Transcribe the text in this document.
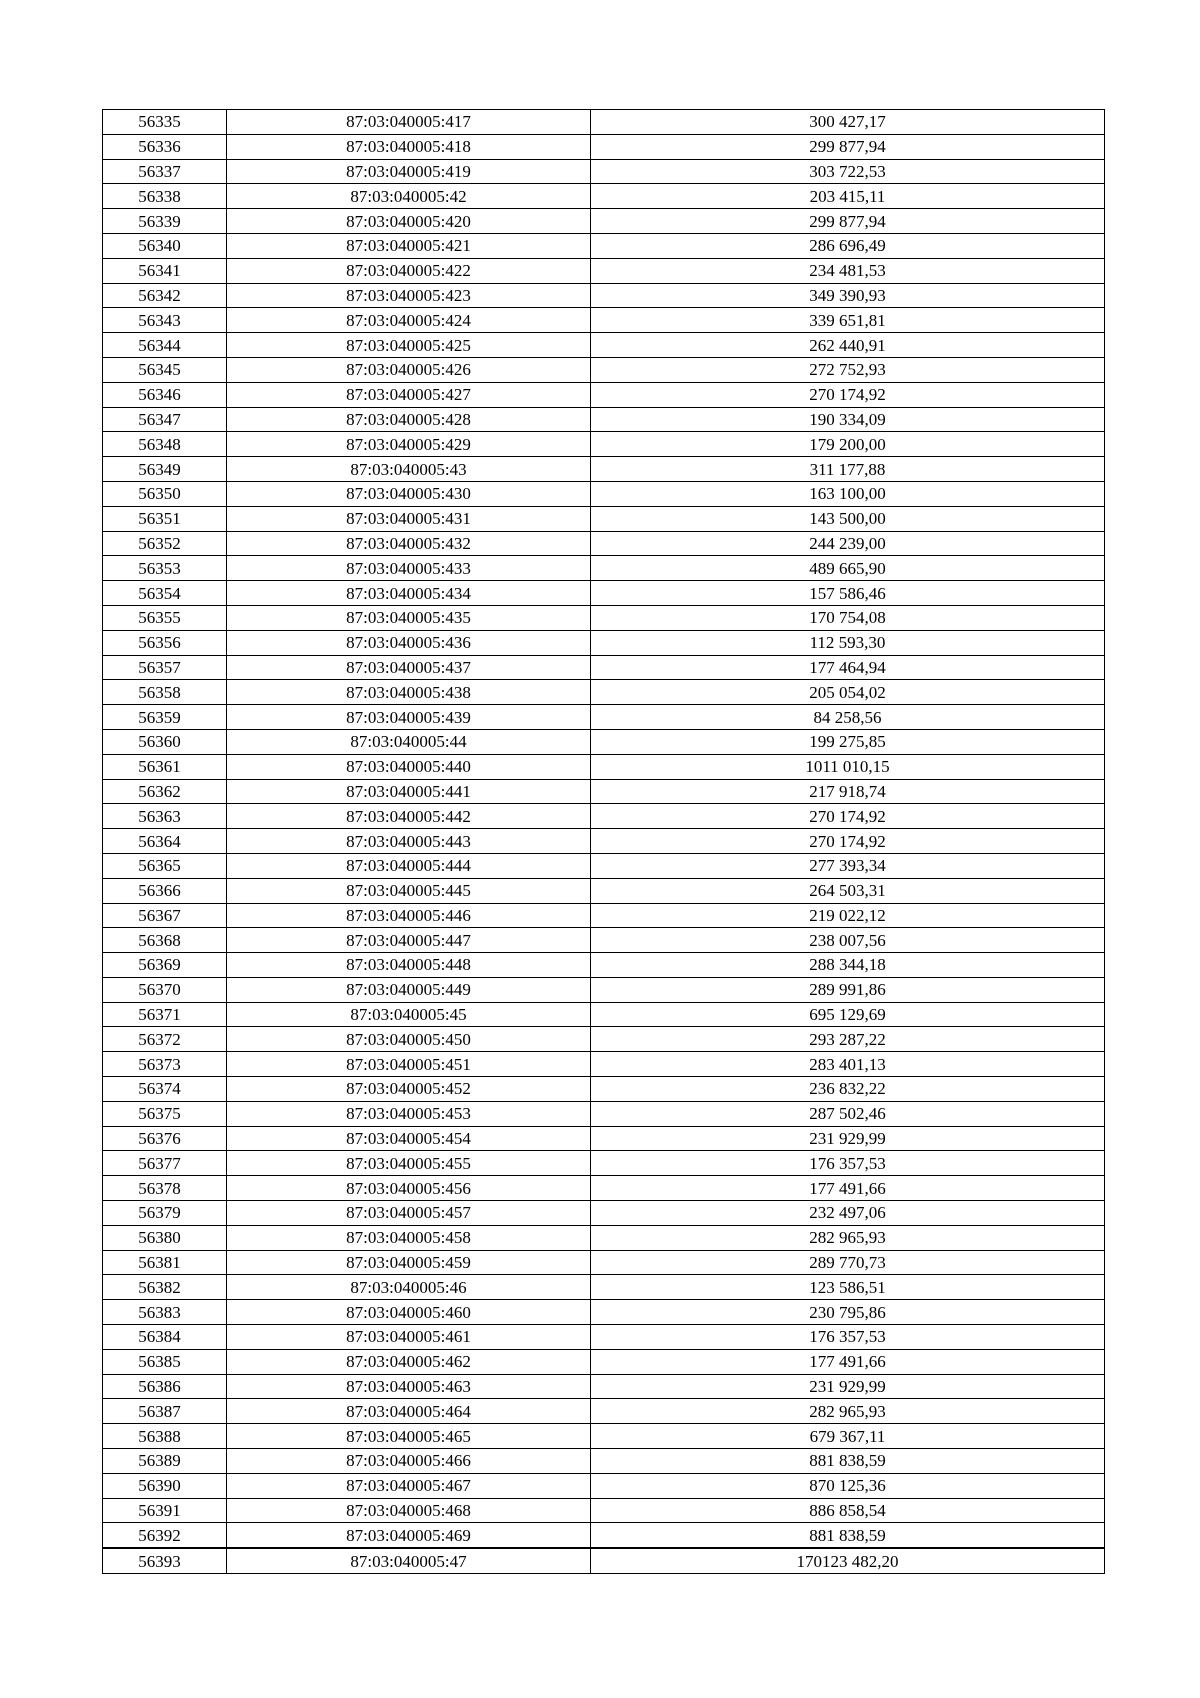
56335	87:03:040005:417	300 427,17
56336	87:03:040005:418	299 877,94
56337	87:03:040005:419	303 722,53
56338	87:03:040005:42	203 415,11
56339	87:03:040005:420	299 877,94
56340	87:03:040005:421	286 696,49
56341	87:03:040005:422	234 481,53
56342	87:03:040005:423	349 390,93
56343	87:03:040005:424	339 651,81
56344	87:03:040005:425	262 440,91
56345	87:03:040005:426	272 752,93
56346	87:03:040005:427	270 174,92
56347	87:03:040005:428	190 334,09
56348	87:03:040005:429	179 200,00
56349	87:03:040005:43	311 177,88
56350	87:03:040005:430	163 100,00
56351	87:03:040005:431	143 500,00
56352	87:03:040005:432	244 239,00
56353	87:03:040005:433	489 665,90
56354	87:03:040005:434	157 586,46
56355	87:03:040005:435	170 754,08
56356	87:03:040005:436	112 593,30
56357	87:03:040005:437	177 464,94
56358	87:03:040005:438	205 054,02
56359	87:03:040005:439	84 258,56
56360	87:03:040005:44	199 275,85
56361	87:03:040005:440	1011 010,15
56362	87:03:040005:441	217 918,74
56363	87:03:040005:442	270 174,92
56364	87:03:040005:443	270 174,92
56365	87:03:040005:444	277 393,34
56366	87:03:040005:445	264 503,31
56367	87:03:040005:446	219 022,12
56368	87:03:040005:447	238 007,56
56369	87:03:040005:448	288 344,18
56370	87:03:040005:449	289 991,86
56371	87:03:040005:45	695 129,69
56372	87:03:040005:450	293 287,22
56373	87:03:040005:451	283 401,13
56374	87:03:040005:452	236 832,22
56375	87:03:040005:453	287 502,46
56376	87:03:040005:454	231 929,99
56377	87:03:040005:455	176 357,53
56378	87:03:040005:456	177 491,66
56379	87:03:040005:457	232 497,06
56380	87:03:040005:458	282 965,93
56381	87:03:040005:459	289 770,73
56382	87:03:040005:46	123 586,51
56383	87:03:040005:460	230 795,86
56384	87:03:040005:461	176 357,53
56385	87:03:040005:462	177 491,66
56386	87:03:040005:463	231 929,99
56387	87:03:040005:464	282 965,93
56388	87:03:040005:465	679 367,11
56389	87:03:040005:466	881 838,59
56390	87:03:040005:467	870 125,36
56391	87:03:040005:468	886 858,54
56392	87:03:040005:469	881 838,59
56393	87:03:040005:47	170123 482,20
